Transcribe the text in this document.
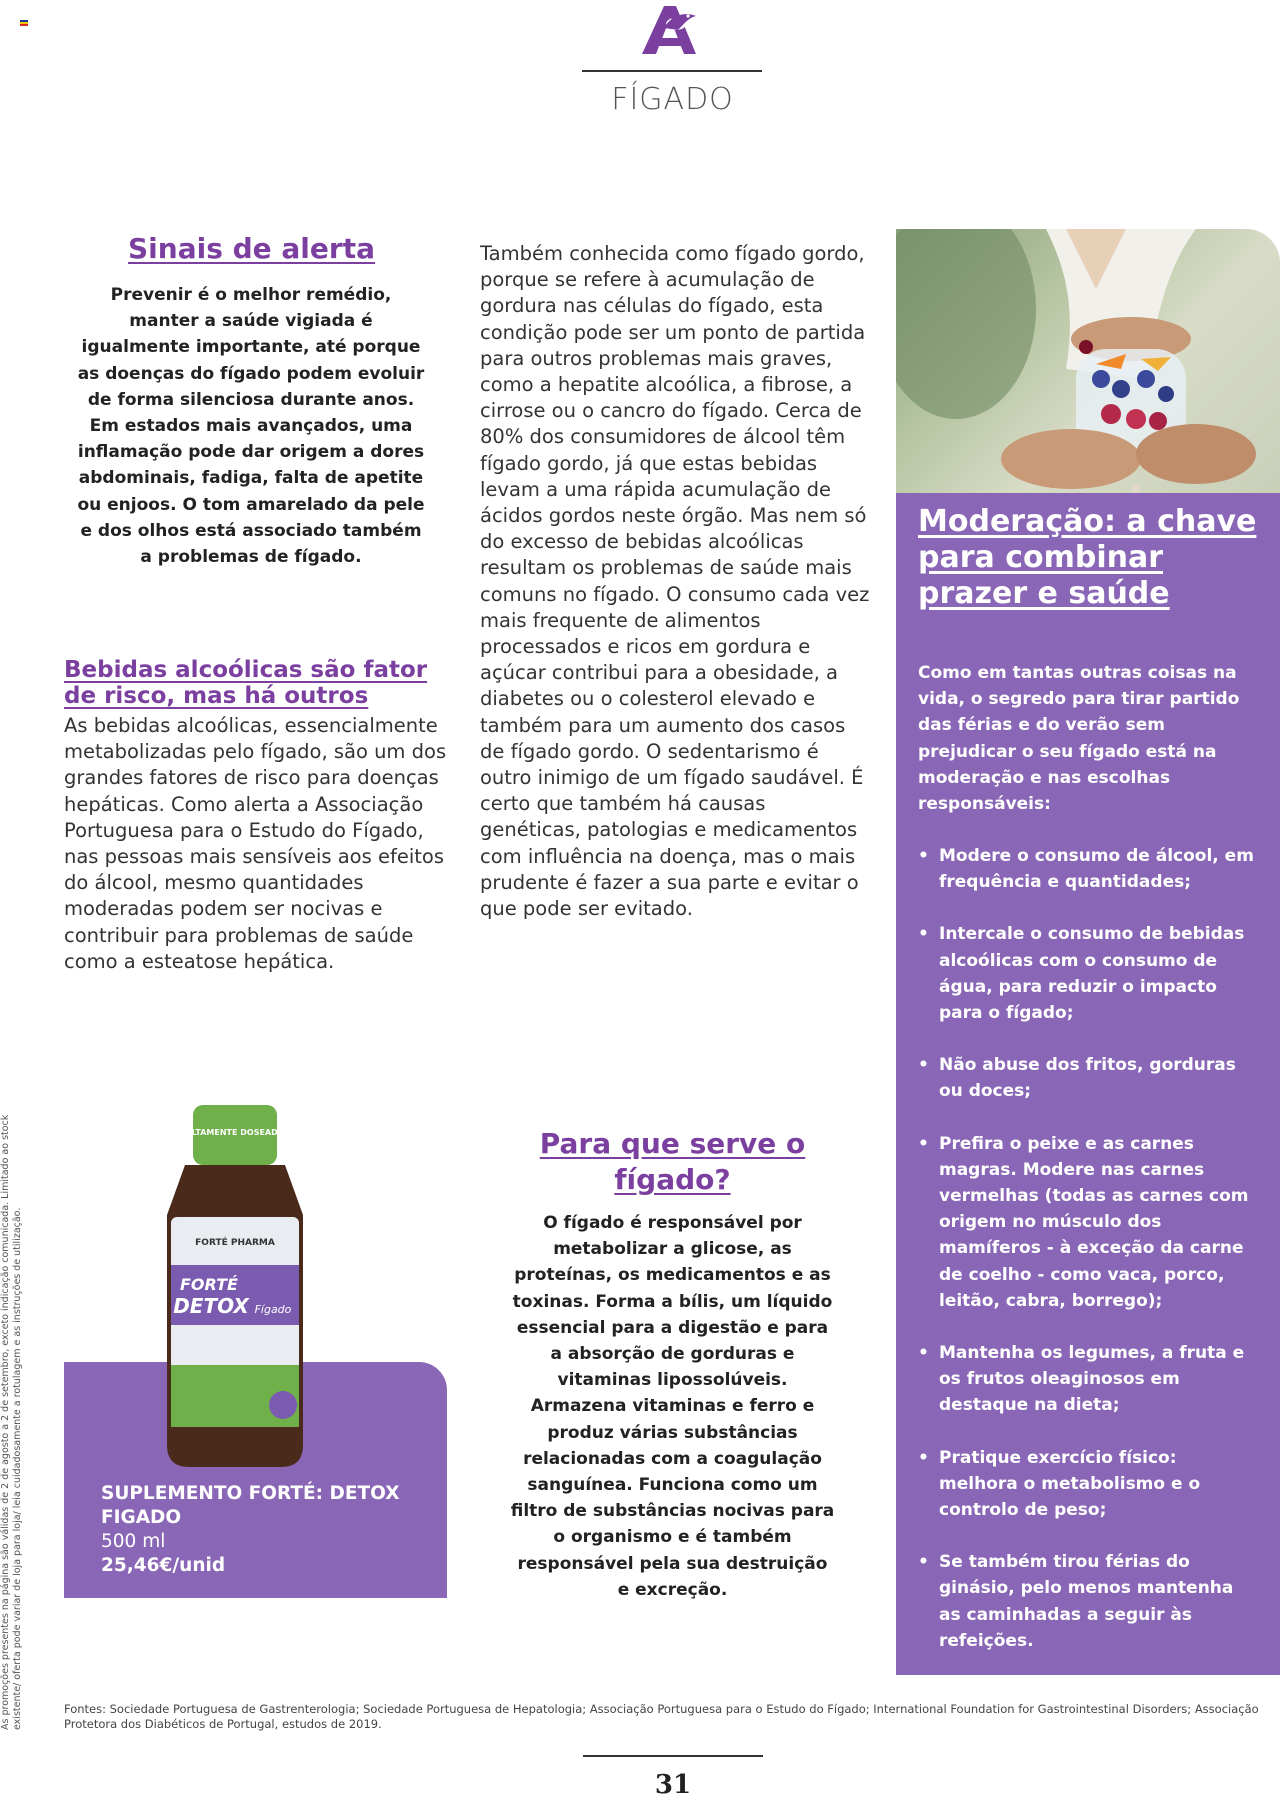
FÍGADO
Sinais de alerta
Prevenir é o melhor remédio, manter a saúde vigiada é igualmente importante, até porque as doenças do fígado podem evoluir de forma silenciosa durante anos. Em estados mais avançados, uma inflamação pode dar origem a dores abdominais, fadiga, falta de apetite ou enjoos. O tom amarelado da pele e dos olhos está associado também a problemas de fígado.
Bebidas alcoólicas são fator de risco, mas há outros
As bebidas alcoólicas, essencialmente metabolizadas pelo fígado, são um dos grandes fatores de risco para doenças hepáticas. Como alerta a Associação Portuguesa para o Estudo do Fígado, nas pessoas mais sensíveis aos efeitos do álcool, mesmo quantidades moderadas podem ser nocivas e contribuir para problemas de saúde como a esteatose hepática.
Também conhecida como fígado gordo, porque se refere à acumulação de gordura nas células do fígado, esta condição pode ser um ponto de partida para outros problemas mais graves, como a hepatite alcoólica, a fibrose, a cirrose ou o cancro do fígado. Cerca de 80% dos consumidores de álcool têm fígado gordo, já que estas bebidas levam a uma rápida acumulação de ácidos gordos neste órgão. Mas nem só do excesso de bebidas alcoólicas resultam os problemas de saúde mais comuns no fígado. O consumo cada vez mais frequente de alimentos processados e ricos em gordura e açúcar contribui para a obesidade, a diabetes ou o colesterol elevado e também para um aumento dos casos de fígado gordo. O sedentarismo é outro inimigo de um fígado saudável. É certo que também há causas genéticas, patologias e medicamentos com influência na doença, mas o mais prudente é fazer a sua parte e evitar o que pode ser evitado.
Moderação: a chave para combinar prazer e saúde
Como em tantas outras coisas na vida, o segredo para tirar partido das férias e do verão sem prejudicar o seu fígado está na moderação e nas escolhas responsáveis:
• Modere o consumo de álcool, em frequência e quantidades;
• Intercale o consumo de bebidas alcoólicas com o consumo de água, para reduzir o impacto para o fígado;
• Não abuse dos fritos, gorduras ou doces;
• Prefira o peixe e as carnes magras. Modere nas carnes vermelhas (todas as carnes com origem no músculo dos mamíferos - à exceção da carne de coelho - como vaca, porco, leitão, cabra, borrego);
• Mantenha os legumes, a fruta e os frutos oleaginosos em destaque na dieta;
• Pratique exercício físico: melhora o metabolismo e o controlo de peso;
• Se também tirou férias do ginásio, pelo menos mantenha as caminhadas a seguir às refeições.
ALTAMENTE DOSEADO
FORTÉ PHARMA
FORTÉ
DETOX Fígado
SUPLEMENTO FORTÉ: DETOX FIGADO
500 ml
25,46€/unid
Para que serve o fígado?
O fígado é responsável por metabolizar a glicose, as proteínas, os medicamentos e as toxinas. Forma a bílis, um líquido essencial para a digestão e para a absorção de gorduras e vitaminas lipossolúveis. Armazena vitaminas e ferro e produz várias substâncias relacionadas com a coagulação sanguínea. Funciona como um filtro de substâncias nocivas para o organismo e é também responsável pela sua destruição e excreção.
Fontes: Sociedade Portuguesa de Gastrenterologia; Sociedade Portuguesa de Hepatologia; Associação Portuguesa para o Estudo do Fígado; International Foundation for Gastrointestinal Disorders; Associação Protetora dos Diabéticos de Portugal, estudos de 2019.
As promoções presentes na página são válidas de 2 de agosto a 2 de setembro, exceto indicação comunicada. Limitado ao stock existente/ oferta pode variar de loja para loja/ leia cuidadosamente a rotulagem e as instruções de utilização.
31
